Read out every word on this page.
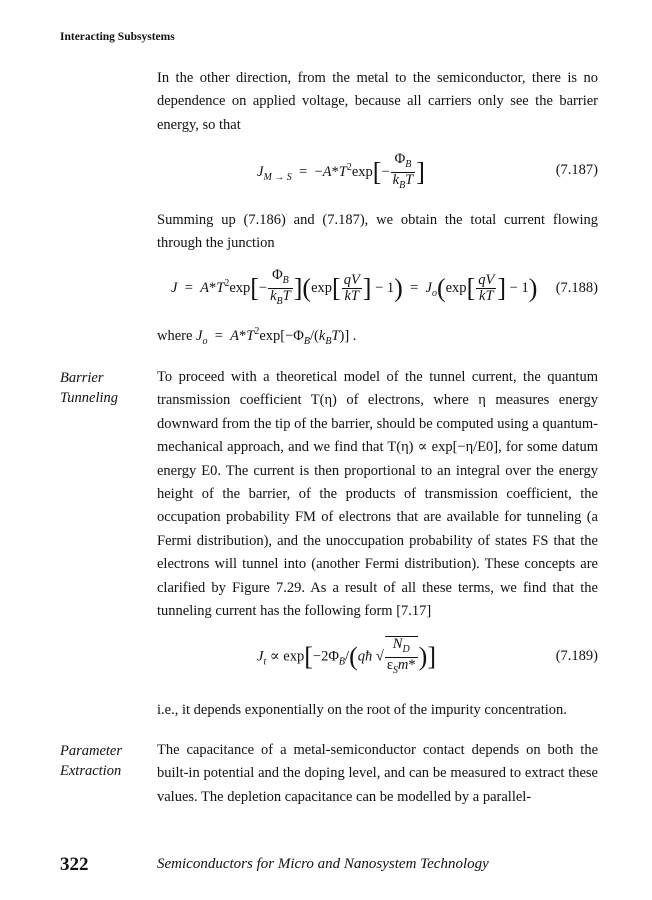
Interacting Subsystems
In the other direction, from the metal to the semiconductor, there is no dependence on applied voltage, because all carriers only see the barrier energy, so that
$J_{M \to S} = -A*T^2\exp[- \frac{\Phi_B}{k_BT}$ ]	(7.187)
Summing up (7.186) and (7.187), we obtain the total current flowing through the junction
$J = A*T^2\exp[- \frac{\Phi_B}{k_BT} ](\exp[ \frac{qV}{kT}$ ] − $1) = J_o(\exp[ \frac{qV}{kT}$ ] − 1) (7.188)
where $J_o = A*T^2\exp[-\Phi_B/(k_BT)]$ .
Barrier
Tunneling
To proceed with a theoretical model of the tunnel current, the quantum transmission coefficient T(η) of electrons, where η measures energy downward from the tip of the barrier, should be computed using a quantum-mechanical approach, and we find that T(η) ∝ exp[−η/E0], for some datum energy E0. The current is then proportional to an integral over the energy height of the barrier, of the products of transmission coefficient, the occupation probability FM of electrons that are available for tunneling (a Fermi distribution), and the unoccupation probability of states FS that the electrons will tunnel into (another Fermi distribution). These concepts are clarified by Figure 7.29. As a result of all these terms, we find that the tunneling current has the following form [7.17]
$J_t$ ∝ $\exp[-2\Phi_B/(qħ$ √ $\frac{N_D}{\varepsilon_Sm*}$ )]	(7.189)
i.e., it depends exponentially on the root of the impurity concentration.
Parameter
Extraction
The capacitance of a metal-semiconductor contact depends on both the built-in potential and the doping level, and can be measured to extract these values. The depletion capacitance can be modelled by a parallel-
322	Semiconductors for Micro and Nanosystem Technology
